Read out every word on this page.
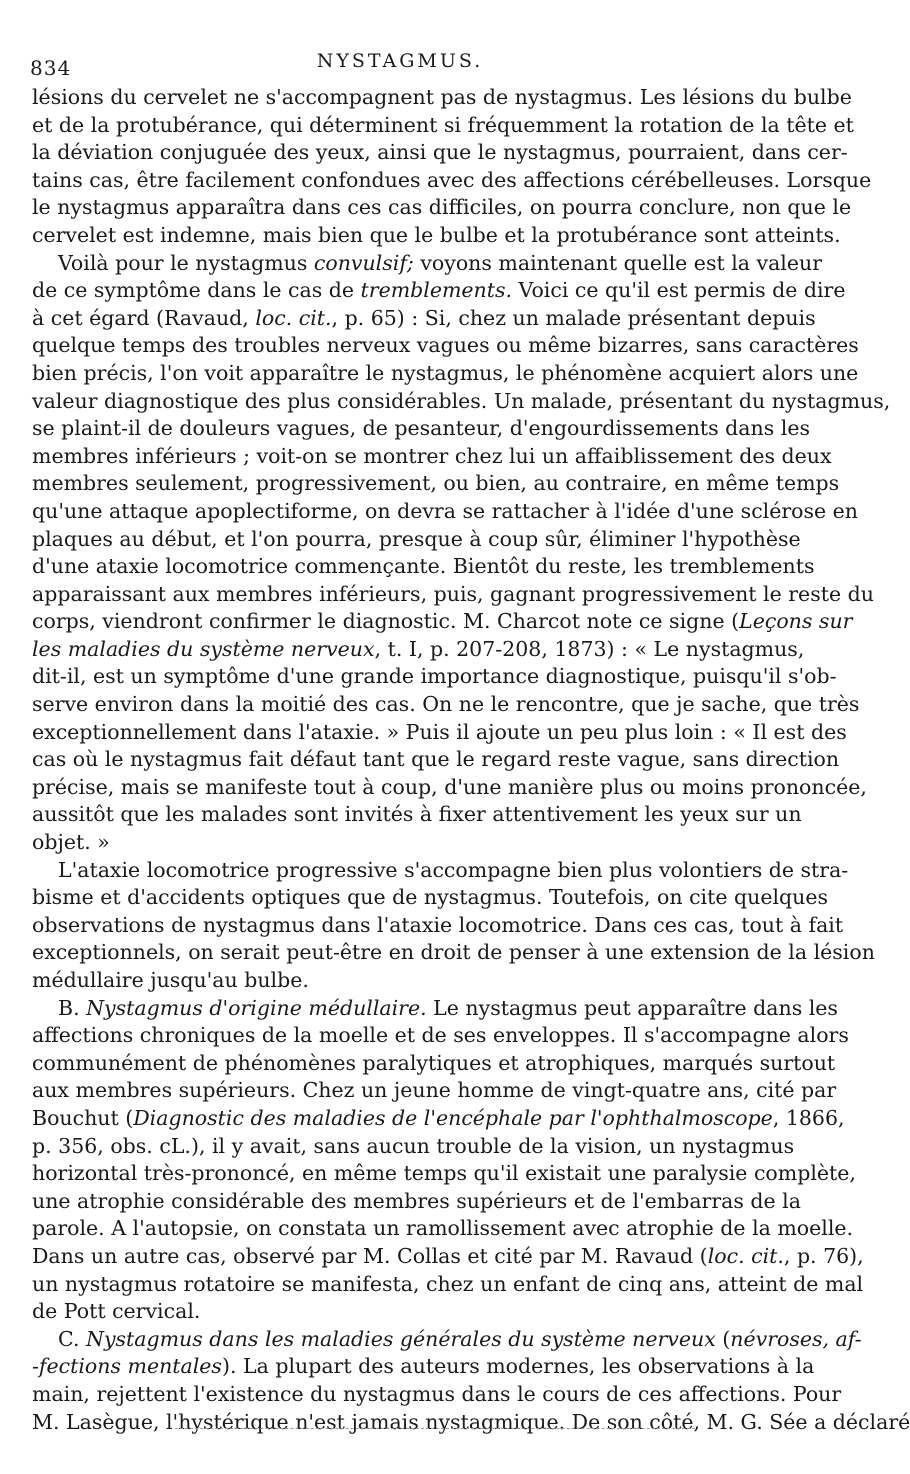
834	NYSTAGMUS.
lésions du cervelet ne s'accompagnent pas de nystagmus. Les lésions du bulbe
et de la protubérance, qui déterminent si fréquemment la rotation de la tête et
la déviation conjuguée des yeux, ainsi que le nystagmus, pourraient, dans cer-
tains cas, être facilement confondues avec des affections cérébelleuses. Lorsque
le nystagmus apparaîtra dans ces cas difficiles, on pourra conclure, non que le
cervelet est indemne, mais bien que le bulbe et la protubérance sont atteints.
Voilà pour le nystagmus convulsif; voyons maintenant quelle est la valeur
de ce symptôme dans le cas de tremblements. Voici ce qu'il est permis de dire
à cet égard (Ravaud, loc. cit., p. 65) : Si, chez un malade présentant depuis
quelque temps des troubles nerveux vagues ou même bizarres, sans caractères
bien précis, l'on voit apparaître le nystagmus, le phénomène acquiert alors une
valeur diagnostique des plus considérables. Un malade, présentant du nystagmus,
se plaint-il de douleurs vagues, de pesanteur, d'engourdissements dans les
membres inférieurs ; voit-on se montrer chez lui un affaiblissement des deux
membres seulement, progressivement, ou bien, au contraire, en même temps
qu'une attaque apoplectiforme, on devra se rattacher à l'idée d'une sclérose en
plaques au début, et l'on pourra, presque à coup sûr, éliminer l'hypothèse
d'une ataxie locomotrice commençante. Bientôt du reste, les tremblements
apparaissant aux membres inférieurs, puis, gagnant progressivement le reste du
corps, viendront confirmer le diagnostic. M. Charcot note ce signe (Leçons sur
les maladies du système nerveux, t. I, p. 207-208, 1873) : « Le nystagmus,
dit-il, est un symptôme d'une grande importance diagnostique, puisqu'il s'ob-
serve environ dans la moitié des cas. On ne le rencontre, que je sache, que très
exceptionnellement dans l'ataxie. » Puis il ajoute un peu plus loin : « Il est des
cas où le nystagmus fait défaut tant que le regard reste vague, sans direction
précise, mais se manifeste tout à coup, d'une manière plus ou moins prononcée,
aussitôt que les malades sont invités à fixer attentivement les yeux sur un
objet. »
L'ataxie locomotrice progressive s'accompagne bien plus volontiers de stra-
bisme et d'accidents optiques que de nystagmus. Toutefois, on cite quelques
observations de nystagmus dans l'ataxie locomotrice. Dans ces cas, tout à fait
exceptionnels, on serait peut-être en droit de penser à une extension de la lésion
médullaire jusqu'au bulbe.
B. Nystagmus d'origine médullaire. Le nystagmus peut apparaître dans les
affections chroniques de la moelle et de ses enveloppes. Il s'accompagne alors
communément de phénomènes paralytiques et atrophiques, marqués surtout
aux membres supérieurs. Chez un jeune homme de vingt-quatre ans, cité par
Bouchut (Diagnostic des maladies de l'encéphale par l'ophthalmoscope, 1866,
p. 356, obs. cL.), il y avait, sans aucun trouble de la vision, un nystagmus
horizontal très-prononcé, en même temps qu'il existait une paralysie complète,
une atrophie considérable des membres supérieurs et de l'embarras de la
parole. A l'autopsie, on constata un ramollissement avec atrophie de la moelle.
Dans un autre cas, observé par M. Collas et cité par M. Ravaud (loc. cit., p. 76),
un nystagmus rotatoire se manifesta, chez un enfant de cinq ans, atteint de mal
de Pott cervical.
C. Nystagmus dans les maladies générales du système nerveux (névroses, af-
-fections mentales). La plupart des auteurs modernes, les observations à la
main, rejettent l'existence du nystagmus dans le cours de ces affections. Pour
M. Lasègue, l'hystérique n'est jamais nystagmique. De son côté, M. G. Sée a déclaré
